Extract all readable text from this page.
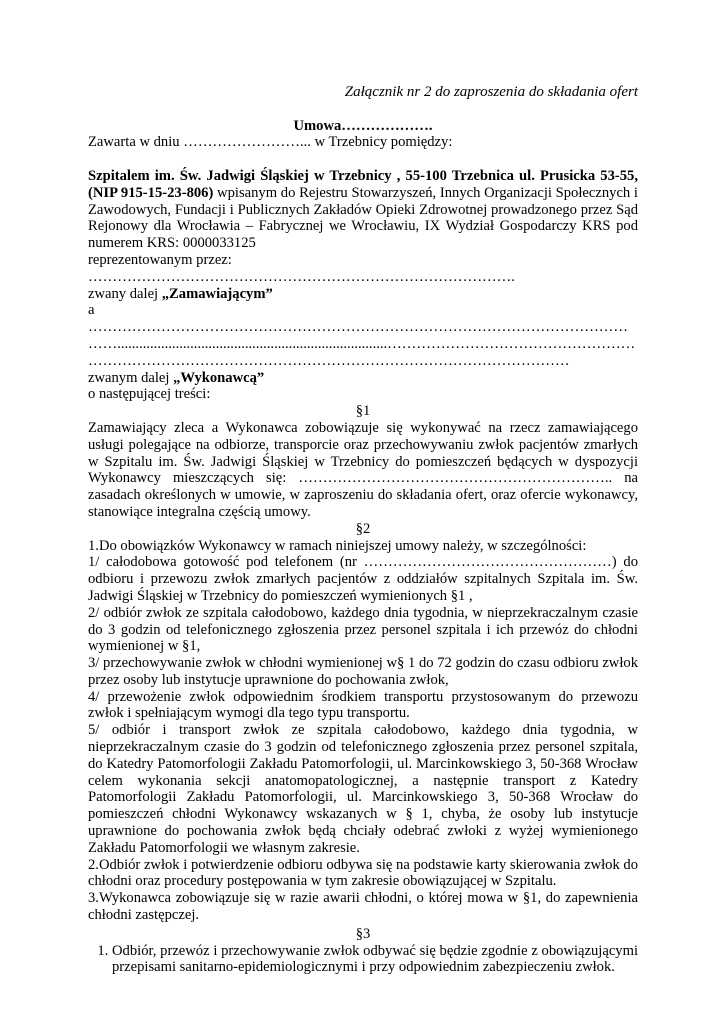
Załącznik nr 2 do zaproszenia do składania ofert
Umowa……………….
Zawarta w dniu ……………………... w Trzebnicy pomiędzy:
Szpitalem im. Św. Jadwigi Śląskiej w Trzebnicy , 55-100 Trzebnica ul. Prusicka 53-55, (NIP 915-15-23-806) wpisanym do Rejestru Stowarzyszeń, Innych Organizacji Społecznych i Zawodowych, Fundacji i Publicznych Zakładów Opieki Zdrowotnej prowadzonego przez Sąd Rejonowy dla Wrocławia – Fabrycznej we Wrocławiu, IX Wydział Gospodarczy KRS pod numerem KRS: 0000033125
reprezentowanym przez:
…………………………………………………………………………….
zwany dalej „Zamawiającym”
a
…………………………………………………………………………………………………
……..........................................................................……………………………………………
………………………………………………………………………………………
zwanym dalej „Wykonawcą”
o następującej treści:
§1
Zamawiający zleca a Wykonawca zobowiązuje się wykonywać na rzecz zamawiającego usługi polegające na odbiorze, transporcie oraz przechowywaniu zwłok pacjentów zmarłych w Szpitalu im. Św. Jadwigi Śląskiej w Trzebnicy do pomieszczeń będących w dyspozycji Wykonawcy mieszczących się: ……………………………………………………….. na zasadach określonych w umowie, w zaproszeniu do składania ofert, oraz ofercie wykonawcy, stanowiące integralna częścią umowy.
§2
1.Do obowiązków Wykonawcy w ramach niniejszej umowy należy, w szczególności:
1/ całodobowa gotowość pod telefonem (nr ……………………………………………) do odbioru i przewozu zwłok zmarłych pacjentów z oddziałów szpitalnych Szpitala im. Św. Jadwigi Śląskiej w Trzebnicy do pomieszczeń wymienionych §1 ,
2/ odbiór zwłok ze szpitala całodobowo, każdego dnia tygodnia, w nieprzekraczalnym czasie do 3 godzin od telefonicznego zgłoszenia przez personel szpitala i ich przewóz do chłodni wymienionej w §1,
3/ przechowywanie zwłok w chłodni wymienionej w§ 1 do 72 godzin do czasu odbioru zwłok przez osoby lub instytucje uprawnione do pochowania zwłok,
4/ przewożenie zwłok odpowiednim środkiem transportu przystosowanym do przewozu zwłok i spełniającym wymogi dla tego typu transportu.
5/ odbiór i transport zwłok ze szpitala całodobowo, każdego dnia tygodnia, w nieprzekraczalnym czasie do 3 godzin od telefonicznego zgłoszenia przez personel szpitala, do Katedry Patomorfologii Zakładu Patomorfologii, ul. Marcinkowskiego 3, 50-368 Wrocław celem wykonania sekcji anatomopatologicznej, a następnie transport z Katedry Patomorfologii Zakładu Patomorfologii, ul. Marcinkowskiego 3, 50-368 Wrocław do pomieszczeń chłodni Wykonawcy wskazanych w § 1, chyba, że osoby lub instytucje uprawnione do pochowania zwłok będą chciały odebrać zwłoki z wyżej wymienionego Zakładu Patomorfologii we własnym zakresie.
2.Odbiór zwłok i potwierdzenie odbioru odbywa się na podstawie karty skierowania zwłok do chłodni oraz procedury postępowania w tym zakresie obowiązującej w Szpitalu.
3.Wykonawca zobowiązuje się w razie awarii chłodni, o której mowa w §1, do zapewnienia chłodni zastępczej.
§3
1. Odbiór, przewóz i przechowywanie zwłok odbywać się będzie zgodnie z obowiązującymi przepisami sanitarno-epidemiologicznymi i przy odpowiednim zabezpieczeniu zwłok.
